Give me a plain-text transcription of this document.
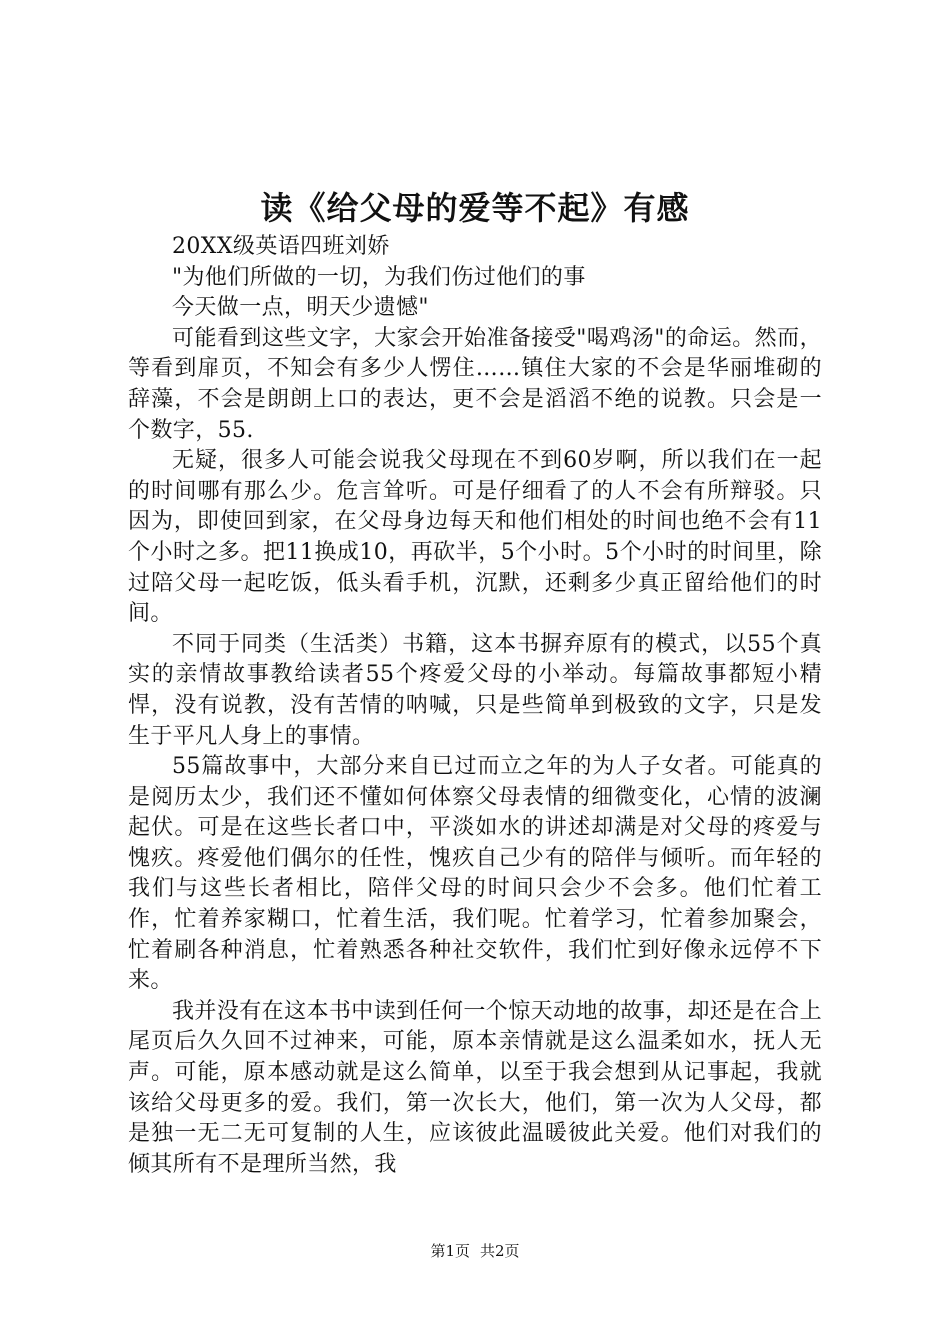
读《给父母的爱等不起》有感

20XX级英语四班刘娇

"为他们所做的一切，为我们伤过他们的事

今天做一点，明天少遗憾"

可能看到这些文字，大家会开始准备接受"喝鸡汤"的命运。然而，等看到扉页，不知会有多少人愣住……镇住大家的不会是华丽堆砌的辞藻，不会是朗朗上口的表达，更不会是滔滔不绝的说教。只会是一个数字，55.

无疑，很多人可能会说我父母现在不到60岁啊，所以我们在一起的时间哪有那么少。危言耸听。可是仔细看了的人不会有所辩驳。只因为，即使回到家，在父母身边每天和他们相处的时间也绝不会有11个小时之多。把11换成10，再砍半，5个小时。5个小时的时间里，除过陪父母一起吃饭，低头看手机，沉默，还剩多少真正留给他们的时间。

不同于同类（生活类）书籍，这本书摒弃原有的模式，以55个真实的亲情故事教给读者55个疼爱父母的小举动。每篇故事都短小精悍，没有说教，没有苦情的呐喊，只是些简单到极致的文字，只是发生于平凡人身上的事情。

55篇故事中，大部分来自已过而立之年的为人子女者。可能真的是阅历太少，我们还不懂如何体察父母表情的细微变化，心情的波澜起伏。可是在这些长者口中，平淡如水的讲述却满是对父母的疼爱与愧疚。疼爱他们偶尔的任性，愧疚自己少有的陪伴与倾听。而年轻的我们与这些长者相比，陪伴父母的时间只会少不会多。他们忙着工作，忙着养家糊口，忙着生活，我们呢。忙着学习，忙着参加聚会，忙着刷各种消息，忙着熟悉各种社交软件，我们忙到好像永远停不下来。

我并没有在这本书中读到任何一个惊天动地的故事，却还是在合上尾页后久久回不过神来，可能，原本亲情就是这么温柔如水，抚人无声。可能，原本感动就是这么简单，以至于我会想到从记事起，我就该给父母更多的爱。我们，第一次长大，他们，第一次为人父母，都是独一无二无可复制的人生，应该彼此温暖彼此关爱。他们对我们的倾其所有不是理所当然，我

第1页 共2页
